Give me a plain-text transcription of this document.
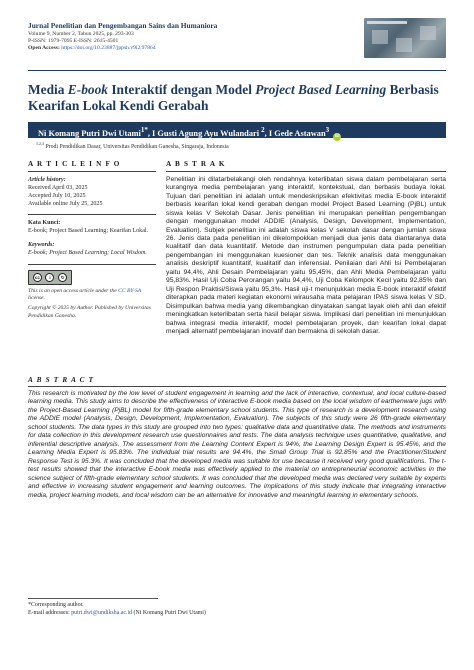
Jurnal Penelitian dan Pengembangan Sains dan Humaniora
Volume 9, Number 2, Tahun 2025, pp. 293-303
P-ISSN: 1979-7095 E-ISSN: 2615-4501
Open Access: https://doi.org/10.23887/jppsh.v9i2.97864
Media E-book Interaktif dengan Model Project Based Learning Berbasis Kearifan Lokal Kendi Gerabah
Ni Komang Putri Dwi Utami$^{1*}$, I Gusti Agung Ayu Wulandari $^2$, I Gede Astawan$^3$ iD
$^{1,2,3}$ Prodi Pendidikan Dasar, Universitas Pendidikan Ganesha, Singaraja, Indonesia
A R T I C L E I N F O
Article history:
Received April 03, 2025
Accepted July 10, 2025
Available online July 25, 2025
Kata Kunci:
E-book; Project Based Learning; Kearifan Lokal.
Keywords:
E-book; Project Based Learning; Local Wisdom.
cc	i	↻
This is an open access article under the CC BY-SA license.
Copyright © 2025 by Author. Published by Universitas Pendidikan Ganesha.
A B S T R A K
Penelitian ini dilatarbelakangi oleh rendahnya keterlibatan siswa dalam pembelajaran serta kurangnya media pembelajaran yang interaktif, kontekstual, dan berbasis budaya lokal. Tujuan dari penelitian ini adalah untuk mendeskripsikan efektivitas media E-book interaktif berbasis kearifan lokal kendi gerabah dengan model Project Based Learning (PjBL) untuk siswa kelas V Sekolah Dasar. Jenis penelitian ini merupakan penelitian pengembangan dengan menggunakan model ADDIE (Analysis, Design, Development, Implementation, Evaluation). Subjek penelitian ini adalah siswa kelas V sekolah dasar dengan jumlah siswa 26. Jenis data pada penelitian ini dikelompokkan menjadi dua jenis data diantaranya data kualitatif dan data kuantitatif. Metode dan instrumen pengumpulan data pada penelitian pengembangan ini menggunakan kuesioner dan tes. Teknik analisis data menggunakan analisis deskriptif kuantitatif, kualitatif dan inferensial. Penilaian dari Ahli Isi Pembelajaran yaitu 94,4%, Ahli Desain Pembelajaran yaitu 95,45%, dan Ahli Media Pembelajaran yaitu 95,83%. Hasil Uji Coba Perorangan yaitu 94,4%, Uji Coba Kelompok Kecil yaitu 92,85% dan Uji Respon Praktisi/Siswa yaitu 95,3%. Hasil uji-t menunjukkan media E-book interaktif efektif diterapkan pada materi kegiatan ekonomi wirausaha mata pelajaran IPAS siswa kelas V SD. Disimpulkan bahwa media yang dikembangkan dinyatakan sangat layak oleh ahli dan efektif meningkatkan keterlibatan serta hasil belajar siswa. Implikasi dari penelitian ini menunjukkan bahwa integrasi media interaktif, model pembelajaran proyek, dan kearifan lokal dapat menjadi alternatif pembelajaran inovatif dan bermakna di sekolah dasar.
A B S T R A C T
This research is motivated by the low level of student engagement in learning and the lack of interactive, contextual, and local culture-based learning media. This study aims to describe the effectiveness of interactive E-book media based on the local wisdom of earthenware jugs with the Project-Based Learning (PjBL) model for fifth-grade elementary school students. This type of research is a development research using the ADDIE model (Analysis, Design, Development, Implementation, Evaluation). The subjects of this study were 26 fifth-grade elementary school students. The data types in this study are grouped into two types: qualitative data and quantitative data. The methods and instruments for data collection in this development research use questionnaires and tests. The data analysis technique uses quantitative, qualitative, and inferential descriptive analysis. The assessment from the Learning Content Expert is 94%, the Learning Design Expert is 95.45%, and the Learning Media Expert is 95.83%. The individual trial results are 94.4%, the Small Group Trial is 92.85% and the Practitioner/Student Response Test is 95.3%. It was concluded that the developed media was suitable for use because it received very good qualifications. The t-test results showed that the interactive E-book media was effectively applied to the material on entrepreneurial economic activities in the science subject of fifth-grade elementary school students. It was concluded that the developed media was declared very suitable by experts and effective in increasing student engagement and learning outcomes. The implications of this study indicate that integrating interactive media, project learning models, and local wisdom can be an alternative for innovative and meaningful learning in elementary schools.
*Corresponding author.
E-mail addresses: putri.dwi@undiksha.ac.id (Ni Komang Putri Dwi Utami)
